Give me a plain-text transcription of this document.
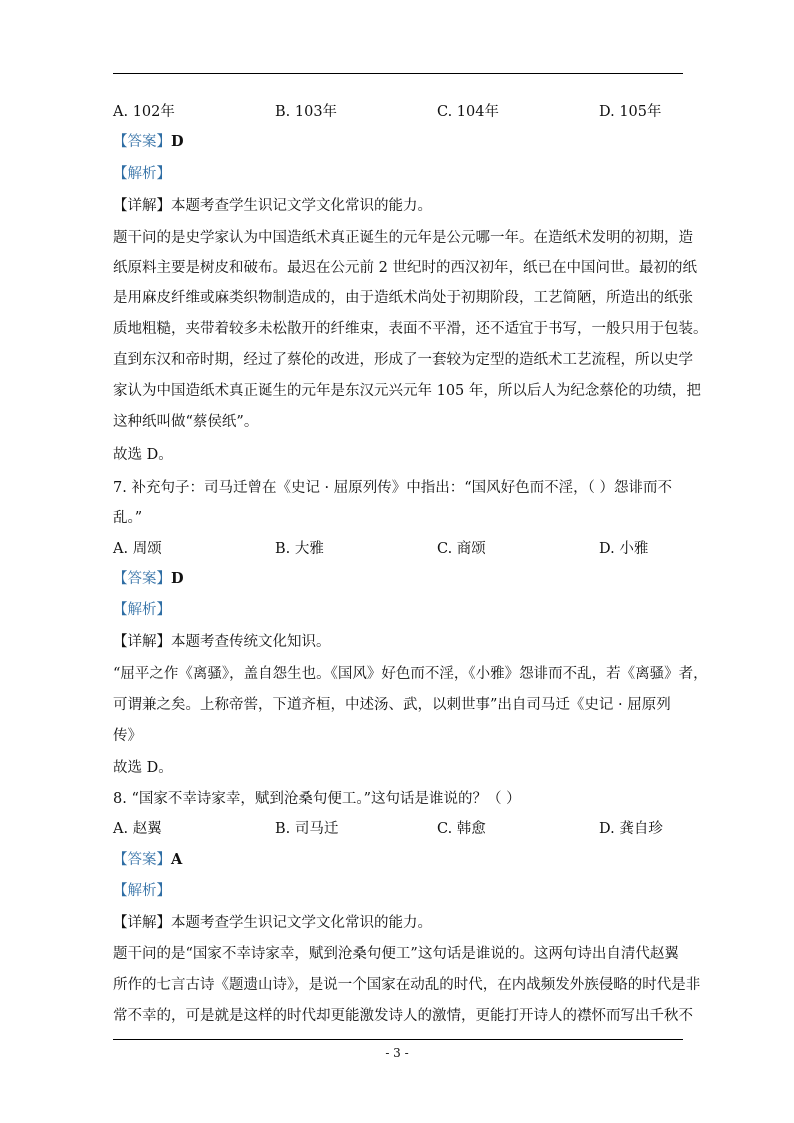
A. 102年	B. 103年	C. 104年	D. 105年
【答案】D
【解析】
【详解】本题考查学生识记文学文化常识的能力。
题干问的是史学家认为中国造纸术真正诞生的元年是公元哪一年。在造纸术发明的初期，造
纸原料主要是树皮和破布。最迟在公元前 2 世纪时的西汉初年，纸已在中国问世。最初的纸
是用麻皮纤维或麻类织物制造成的，由于造纸术尚处于初期阶段，工艺简陋，所造出的纸张
质地粗糙，夹带着较多未松散开的纤维束，表面不平滑，还不适宜于书写，一般只用于包装。
直到东汉和帝时期，经过了蔡伦的改进，形成了一套较为定型的造纸术工艺流程，所以史学
家认为中国造纸术真正诞生的元年是东汉元兴元年 105 年，所以后人为纪念蔡伦的功绩，把
这种纸叫做“蔡侯纸”。
故选 D。
7. 补充句子：司马迁曾在《史记 · 屈原列传》中指出：“国风好色而不淫，（ ）怨诽而不
乱。”
A. 周颂	B. 大雅	C. 商颂	D. 小雅
【答案】D
【解析】
【详解】本题考查传统文化知识。
“屈平之作《离骚》，盖自怨生也。《国风》好色而不淫，《小雅》怨诽而不乱，若《离骚》者，
可谓兼之矣。上称帝喾，下道齐桓，中述汤、武，以刺世事”出自司马迁《史记 · 屈原列
传》
故选 D。
8. “国家不幸诗家幸，赋到沧桑句便工。”这句话是谁说的？（ ）
A. 赵翼	B. 司马迁	C. 韩愈	D. 龚自珍
【答案】A
【解析】
【详解】本题考查学生识记文学文化常识的能力。
题干问的是“国家不幸诗家幸，赋到沧桑句便工”这句话是谁说的。这两句诗出自清代赵翼
所作的七言古诗《题遗山诗》，是说一个国家在动乱的时代，在内战频发外族侵略的时代是非
常不幸的，可是就是这样的时代却更能激发诗人的激情，更能打开诗人的襟怀而写出千秋不
- 3 -
